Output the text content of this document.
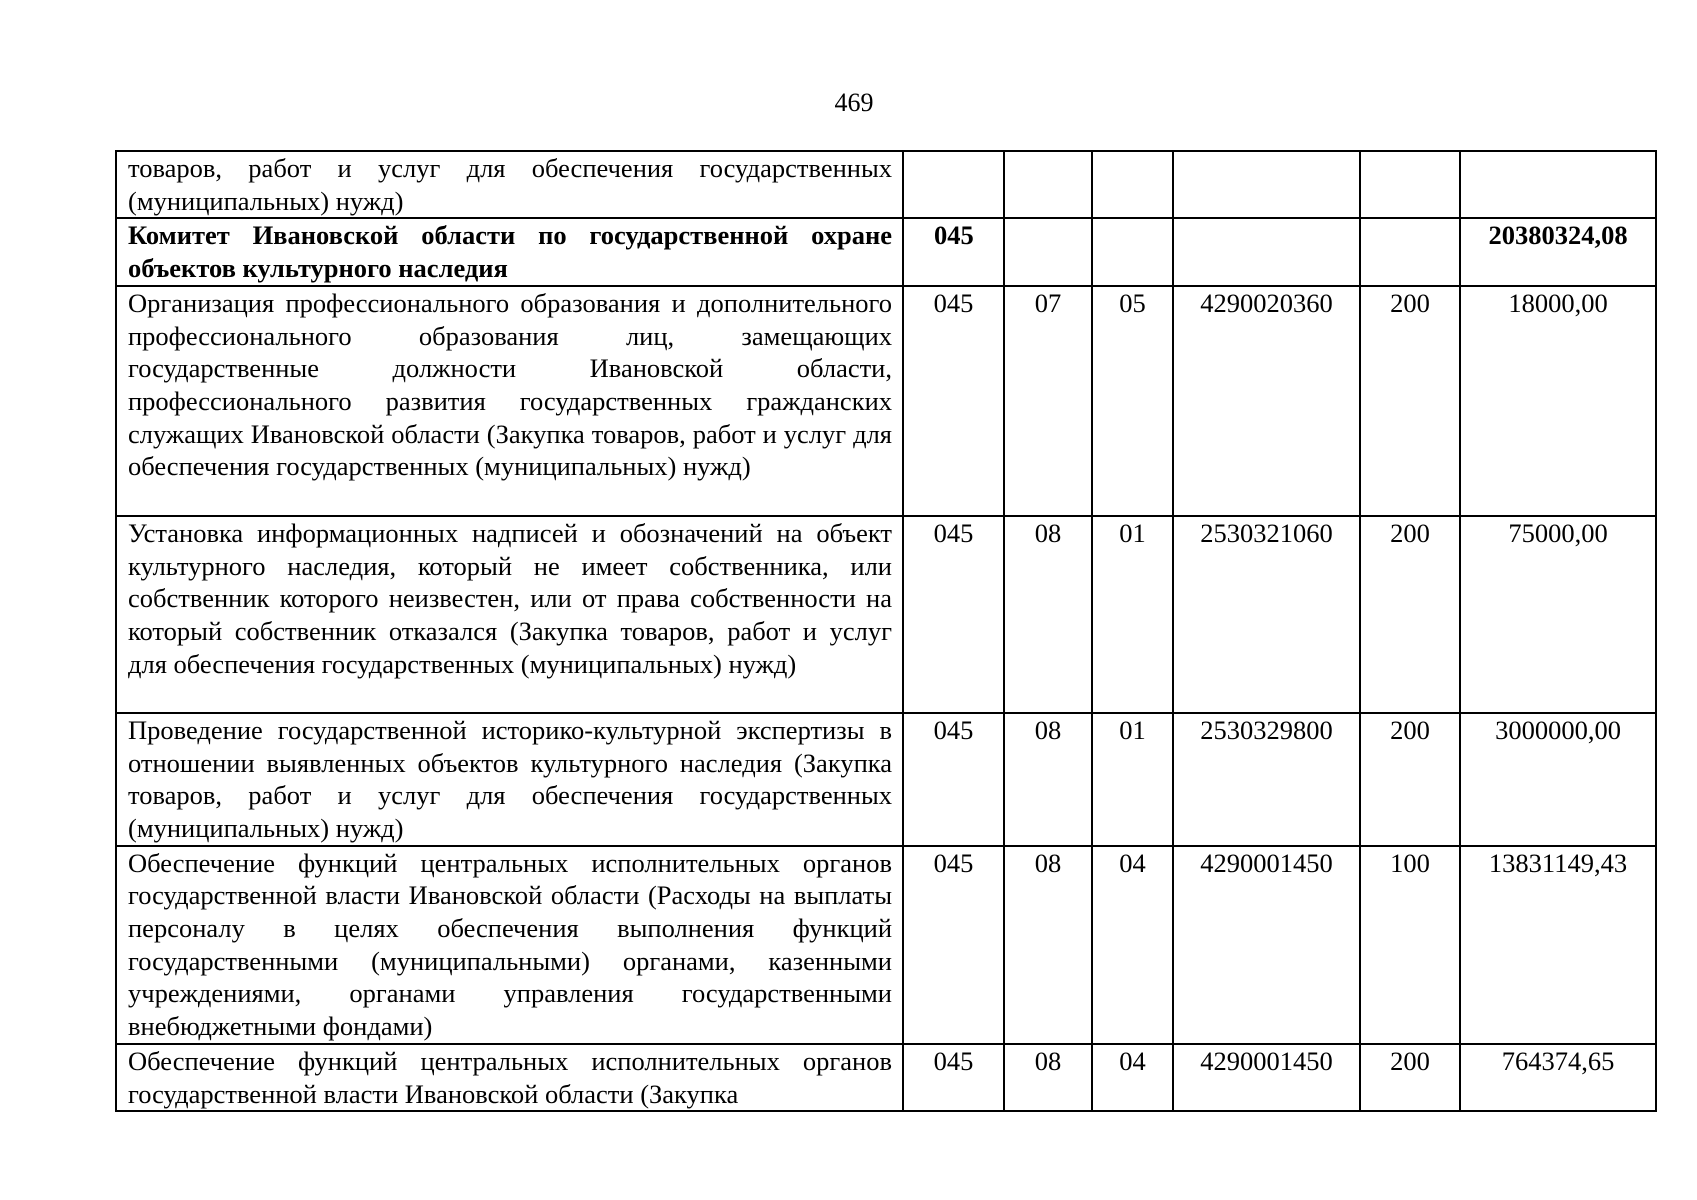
469
товаров, работ и услуг для обеспечения государственных (муниципальных) нужд)						
Комитет Ивановской области по государственной охране объектов культурного наследия	045					20380324,08
Организация профессионального образования и дополнительного профессионального образования лиц, замещающих государственные должности Ивановской области, профессионального развития государственных гражданских служащих Ивановской области (Закупка товаров, работ и услуг для обеспечения государственных (муниципальных) нужд)	045	07	05	4290020360	200	18000,00
Установка информационных надписей и обозначений на объект культурного наследия, который не имеет собственника, или собственник которого неизвестен, или от права собственности на который собственник отказался (Закупка товаров, работ и услуг для обеспечения государственных (муниципальных) нужд)	045	08	01	2530321060	200	75000,00
Проведение государственной историко-культурной экспертизы в отношении выявленных объектов культурного наследия (Закупка товаров, работ и услуг для обеспечения государственных (муниципальных) нужд)	045	08	01	2530329800	200	3000000,00
Обеспечение функций центральных исполнительных органов государственной власти Ивановской области (Расходы на выплаты персоналу в целях обеспечения выполнения функций государственными (муниципальными) органами, казенными учреждениями, органами управления государственными внебюджетными фондами)	045	08	04	4290001450	100	13831149,43
Обеспечение функций центральных исполнительных органов государственной власти Ивановской области (Закупка	045	08	04	4290001450	200	764374,65
